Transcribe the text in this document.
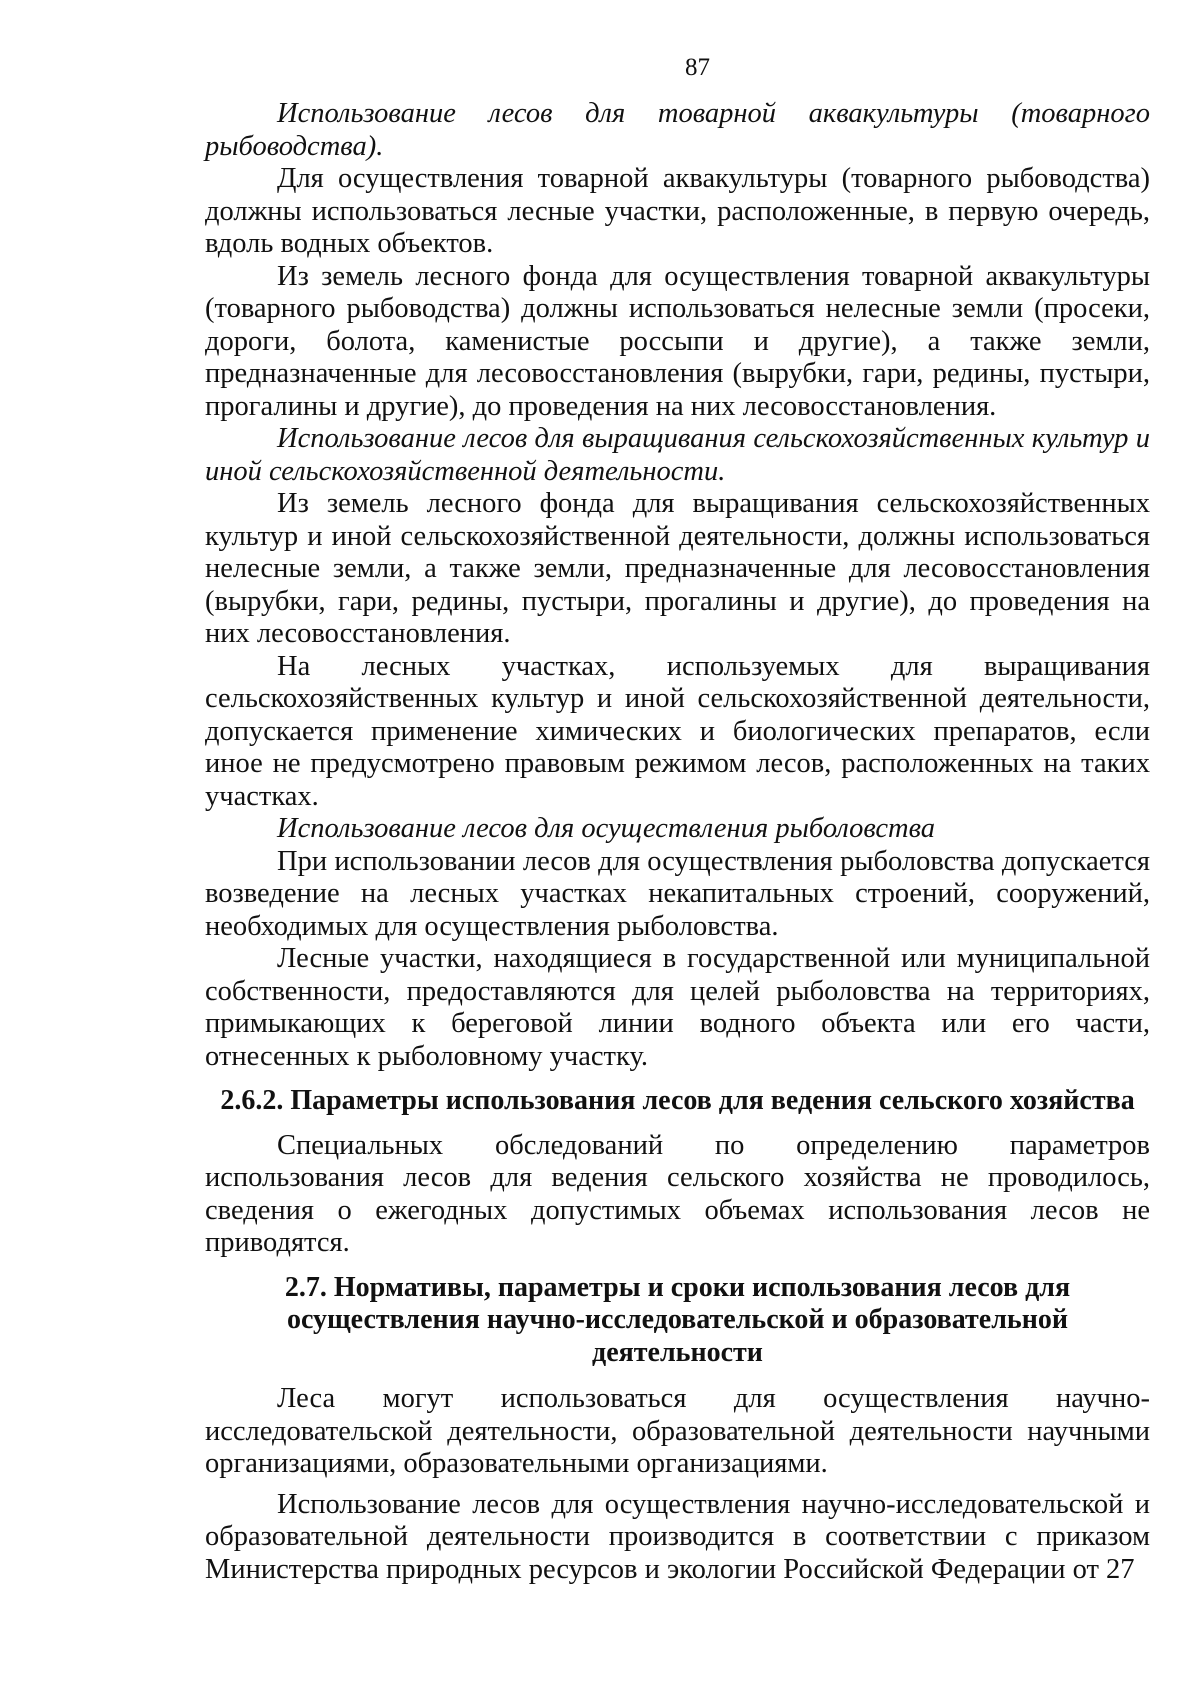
87

Использование лесов для товарной аквакультуры (товарного рыбоводства).

Для осуществления товарной аквакультуры (товарного рыбоводства) должны использоваться лесные участки, расположенные, в первую очередь, вдоль водных объектов.

Из земель лесного фонда для осуществления товарной аквакультуры (товарного рыбоводства) должны использоваться нелесные земли (просеки, дороги, болота, каменистые россыпи и другие), а также земли, предназначенные для лесовосстановления (вырубки, гари, редины, пустыри, прогалины и другие), до проведения на них лесовосстановления.

Использование лесов для выращивания сельскохозяйственных культур и иной сельскохозяйственной деятельности.

Из земель лесного фонда для выращивания сельскохозяйственных культур и иной сельскохозяйственной деятельности, должны использоваться нелесные земли, а также земли, предназначенные для лесовосстановления (вырубки, гари, редины, пустыри, прогалины и другие), до проведения на них лесовосстановления.

На лесных участках, используемых для выращивания сельскохозяйственных культур и иной сельскохозяйственной деятельности, допускается применение химических и биологических препаратов, если иное не предусмотрено правовым режимом лесов, расположенных на таких участках.

Использование лесов для осуществления рыболовства

При использовании лесов для осуществления рыболовства допускается возведение на лесных участках некапитальных строений, сооружений, необходимых для осуществления рыболовства.

Лесные участки, находящиеся в государственной или муниципальной собственности, предоставляются для целей рыболовства на территориях, примыкающих к береговой линии водного объекта или его части, отнесенных к рыболовному участку.

2.6.2. Параметры использования лесов для ведения сельского хозяйства

Специальных обследований по определению параметров использования лесов для ведения сельского хозяйства не проводилось, сведения о ежегодных допустимых объемах использования лесов не приводятся.

2.7. Нормативы, параметры и сроки использования лесов для осуществления научно-исследовательской и образовательной деятельности

Леса могут использоваться для осуществления научно-исследовательской деятельности, образовательной деятельности научными организациями, образовательными организациями.

Использование лесов для осуществления научно-исследовательской и образовательной деятельности производится в соответствии с приказом Министерства природных ресурсов и экологии Российской Федерации от 27
